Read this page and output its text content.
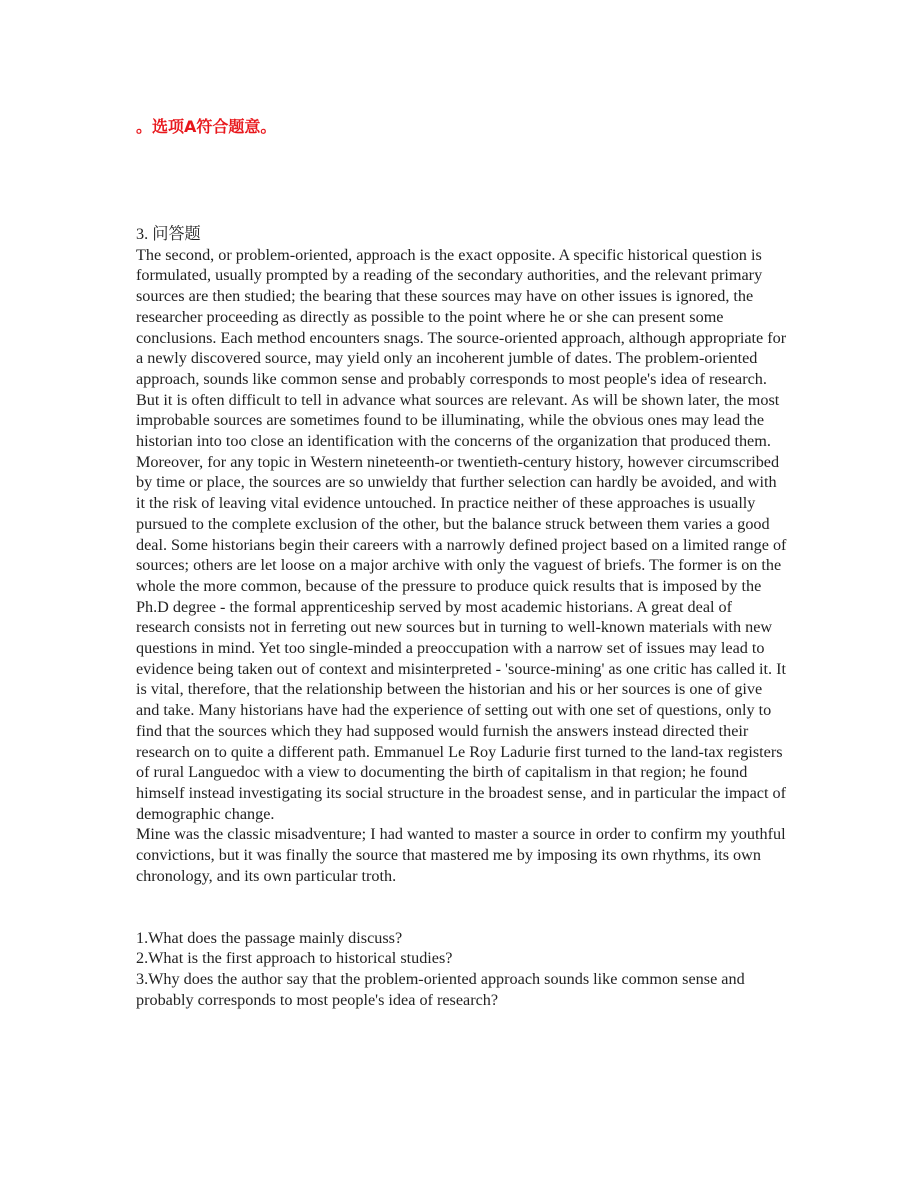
。选项A符合题意。

3. 问答题

The second, or problem-oriented, approach is the exact opposite. A specific historical question is formulated, usually prompted by a reading of the secondary authorities, and the relevant primary sources are then studied; the bearing that these sources may have on other issues is ignored, the researcher proceeding as directly as possible to the point where he or she can present some conclusions. Each method encounters snags. The source-oriented approach, although appropriate for a newly discovered source, may yield only an incoherent jumble of dates. The problem-oriented approach, sounds like common sense and probably corresponds to most people's idea of research. But it is often difficult to tell in advance what sources are relevant. As will be shown later, the most improbable sources are sometimes found to be illuminating, while the obvious ones may lead the historian into too close an identification with the concerns of the organization that produced them. Moreover, for any topic in Western nineteenth-or twentieth-century history, however circumscribed by time or place, the sources are so unwieldy that further selection can hardly be avoided, and with it the risk of leaving vital evidence untouched. In practice neither of these approaches is usually pursued to the complete exclusion of the other, but the balance struck between them varies a good deal. Some historians begin their careers with a narrowly defined project based on a limited range of sources; others are let loose on a major archive with only the vaguest of briefs. The former is on the whole the more common, because of the pressure to produce quick results that is imposed by the Ph.D degree - the formal apprenticeship served by most academic historians. A great deal of research consists not in ferreting out new sources but in turning to well-known materials with new questions in mind. Yet too single-minded a preoccupation with a narrow set of issues may lead to evidence being taken out of context and misinterpreted - 'source-mining' as one critic has called it. It is vital, therefore, that the relationship between the historian and his or her sources is one of give and take. Many historians have had the experience of setting out with one set of questions, only to find that the sources which they had supposed would furnish the answers instead directed their research on to quite a different path. Emmanuel Le Roy Ladurie first turned to the land-tax registers of rural Languedoc with a view to documenting the birth of capitalism in that region; he found himself instead investigating its social structure in the broadest sense, and in particular the impact of demographic change.

Mine was the classic misadventure; I had wanted to master a source in order to confirm my youthful convictions, but it was finally the source that mastered me by imposing its own rhythms, its own chronology, and its own particular troth.

1.What does the passage mainly discuss?

2.What is the first approach to historical studies?

3.Why does the author say that the problem-oriented approach sounds like common sense and probably corresponds to most people's idea of research?
